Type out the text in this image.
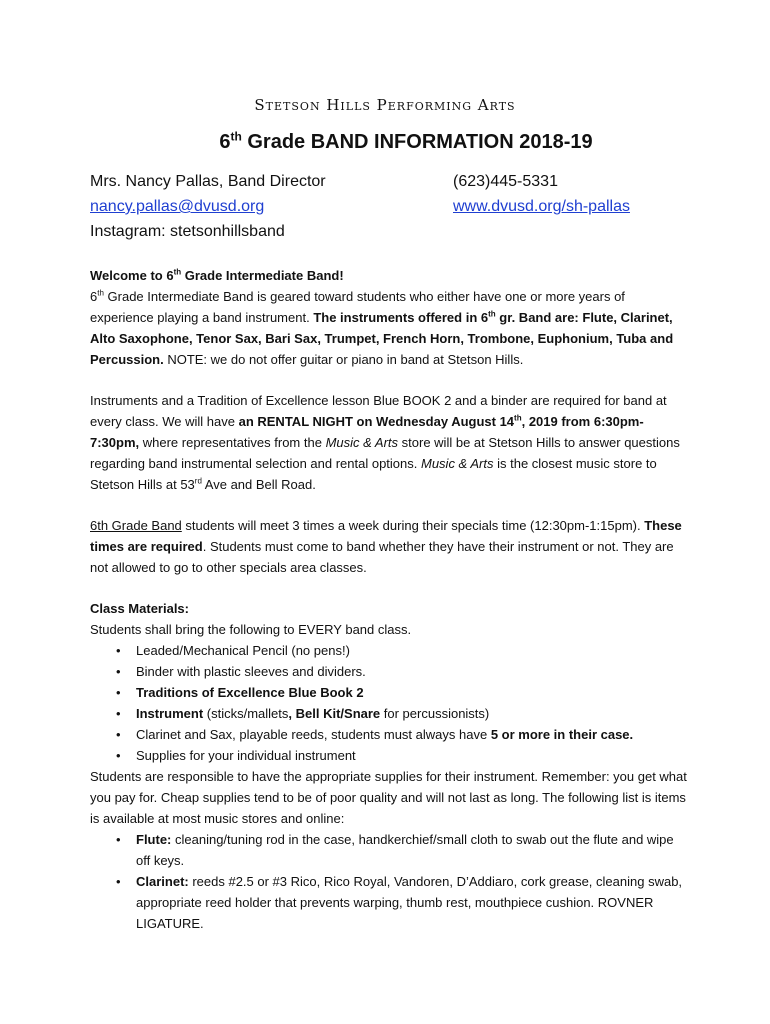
Stetson Hills Performing Arts
6th Grade BAND INFORMATION 2018-19
Mrs. Nancy Pallas, Band Director	(623)445-5331
nancy.pallas@dvusd.org	www.dvusd.org/sh-pallas
Instagram: stetsonhillsband

Welcome to 6th Grade Intermediate Band!

6th Grade Intermediate Band is geared toward students who either have one or more years of experience playing a band instrument. The instruments offered in 6th gr. Band are: Flute, Clarinet, Alto Saxophone, Tenor Sax, Bari Sax, Trumpet, French Horn, Trombone, Euphonium, Tuba and Percussion. NOTE: we do not offer guitar or piano in band at Stetson Hills.

Instruments and a Tradition of Excellence lesson Blue BOOK 2 and a binder are required for band at every class. We will have an RENTAL NIGHT on Wednesday August 14th, 2019 from 6:30pm-7:30pm, where representatives from the Music & Arts store will be at Stetson Hills to answer questions regarding band instrumental selection and rental options. Music & Arts is the closest music store to Stetson Hills at 53rd Ave and Bell Road.

6th Grade Band students will meet 3 times a week during their specials time (12:30pm-1:15pm). These times are required. Students must come to band whether they have their instrument or not. They are not allowed to go to other specials area classes.

Class Materials:

Students shall bring the following to EVERY band class.

• Leaded/Mechanical Pencil (no pens!)
• Binder with plastic sleeves and dividers.
• Traditions of Excellence Blue Book 2
• Instrument (sticks/mallets, Bell Kit/Snare for percussionists)
• Clarinet and Sax, playable reeds, students must always have 5 or more in their case.
• Supplies for your individual instrument

Students are responsible to have the appropriate supplies for their instrument. Remember: you get what you pay for. Cheap supplies tend to be of poor quality and will not last as long. The following list is items is available at most music stores and online:

• Flute: cleaning/tuning rod in the case, handkerchief/small cloth to swab out the flute and wipe off keys.
• Clarinet: reeds #2.5 or #3 Rico, Rico Royal, Vandoren, D’Addiaro, cork grease, cleaning swab, appropriate reed holder that prevents warping, thumb rest, mouthpiece cushion. ROVNER LIGATURE.
